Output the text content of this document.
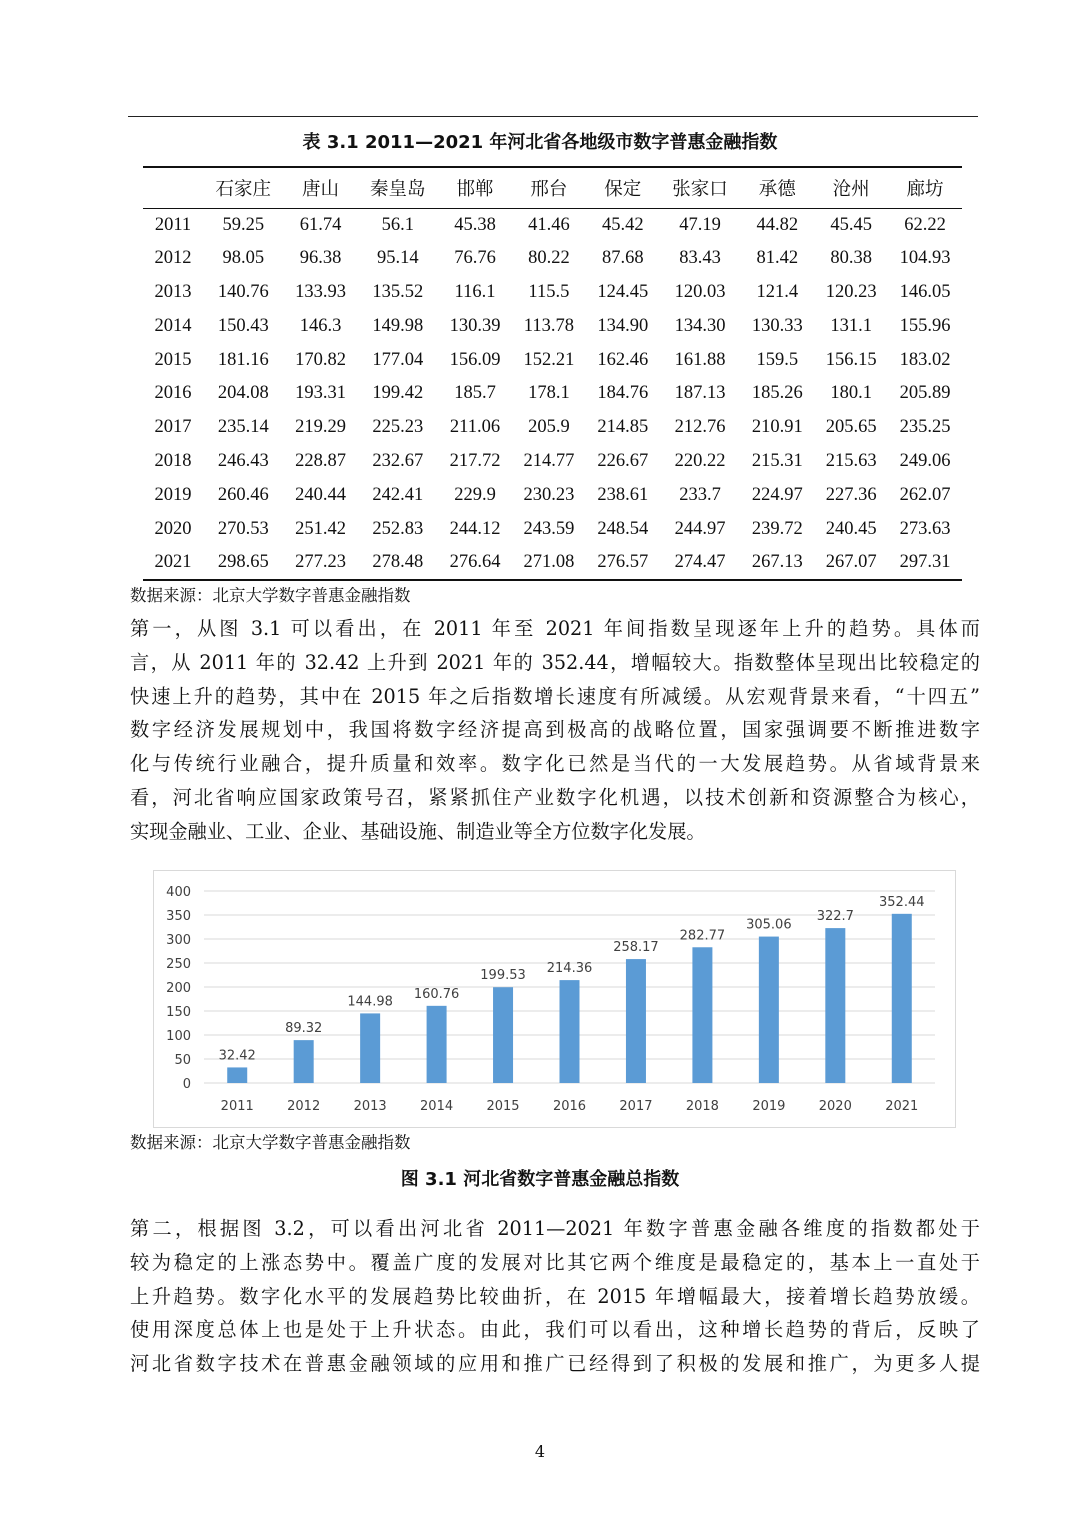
表 3.1 2011—2021 年河北省各地级市数字普惠金融指数
	石家庄	唐山	秦皇岛	邯郸	邢台	保定	张家口	承德	沧州	廊坊
2011	59.25	61.74	56.1	45.38	41.46	45.42	47.19	44.82	45.45	62.22
2012	98.05	96.38	95.14	76.76	80.22	87.68	83.43	81.42	80.38	104.93
2013	140.76	133.93	135.52	116.1	115.5	124.45	120.03	121.4	120.23	146.05
2014	150.43	146.3	149.98	130.39	113.78	134.90	134.30	130.33	131.1	155.96
2015	181.16	170.82	177.04	156.09	152.21	162.46	161.88	159.5	156.15	183.02
2016	204.08	193.31	199.42	185.7	178.1	184.76	187.13	185.26	180.1	205.89
2017	235.14	219.29	225.23	211.06	205.9	214.85	212.76	210.91	205.65	235.25
2018	246.43	228.87	232.67	217.72	214.77	226.67	220.22	215.31	215.63	249.06
2019	260.46	240.44	242.41	229.9	230.23	238.61	233.7	224.97	227.36	262.07
2020	270.53	251.42	252.83	244.12	243.59	248.54	244.97	239.72	240.45	273.63
2021	298.65	277.23	278.48	276.64	271.08	276.57	274.47	267.13	267.07	297.31
数据来源：北京大学数字普惠金融指数

第一，从图 3.1 可以看出，在 2011 年至 2021 年间指数呈现逐年上升的趋势。具体而
言，从 2011 年的 32.42 上升到 2021 年的 352.44，增幅较大。指数整体呈现出比较稳定的
快速上升的趋势，其中在 2015 年之后指数增长速度有所减缓。从宏观背景来看，“十四五”
数字经济发展规划中，我国将数字经济提高到极高的战略位置，国家强调要不断推进数字
化与传统行业融合，提升质量和效率。数字化已然是当代的一大发展趋势。从省域背景来
看，河北省响应国家政策号召，紧紧抓住产业数字化机遇，以技术创新和资源整合为核心，
实现金融业、工业、企业、基础设施、制造业等全方位数字化发展。

0
50
100
150
200
250
300
350
400
32.42
2011
89.32
2012
144.98
2013
160.76
2014
199.53
2015
214.36
2016
258.17
2017
282.77
2018
305.06
2019
322.7
2020
352.44
2021
数据来源：北京大学数字普惠金融指数
图 3.1 河北省数字普惠金融总指数

第二，根据图 3.2，可以看出河北省 2011—2021 年数字普惠金融各维度的指数都处于
较为稳定的上涨态势中。覆盖广度的发展对比其它两个维度是最稳定的，基本上一直处于
上升趋势。数字化水平的发展趋势比较曲折，在 2015 年增幅最大，接着增长趋势放缓。
使用深度总体上也是处于上升状态。由此，我们可以看出，这种增长趋势的背后，反映了
河北省数字技术在普惠金融领域的应用和推广已经得到了积极的发展和推广，为更多人提

4
